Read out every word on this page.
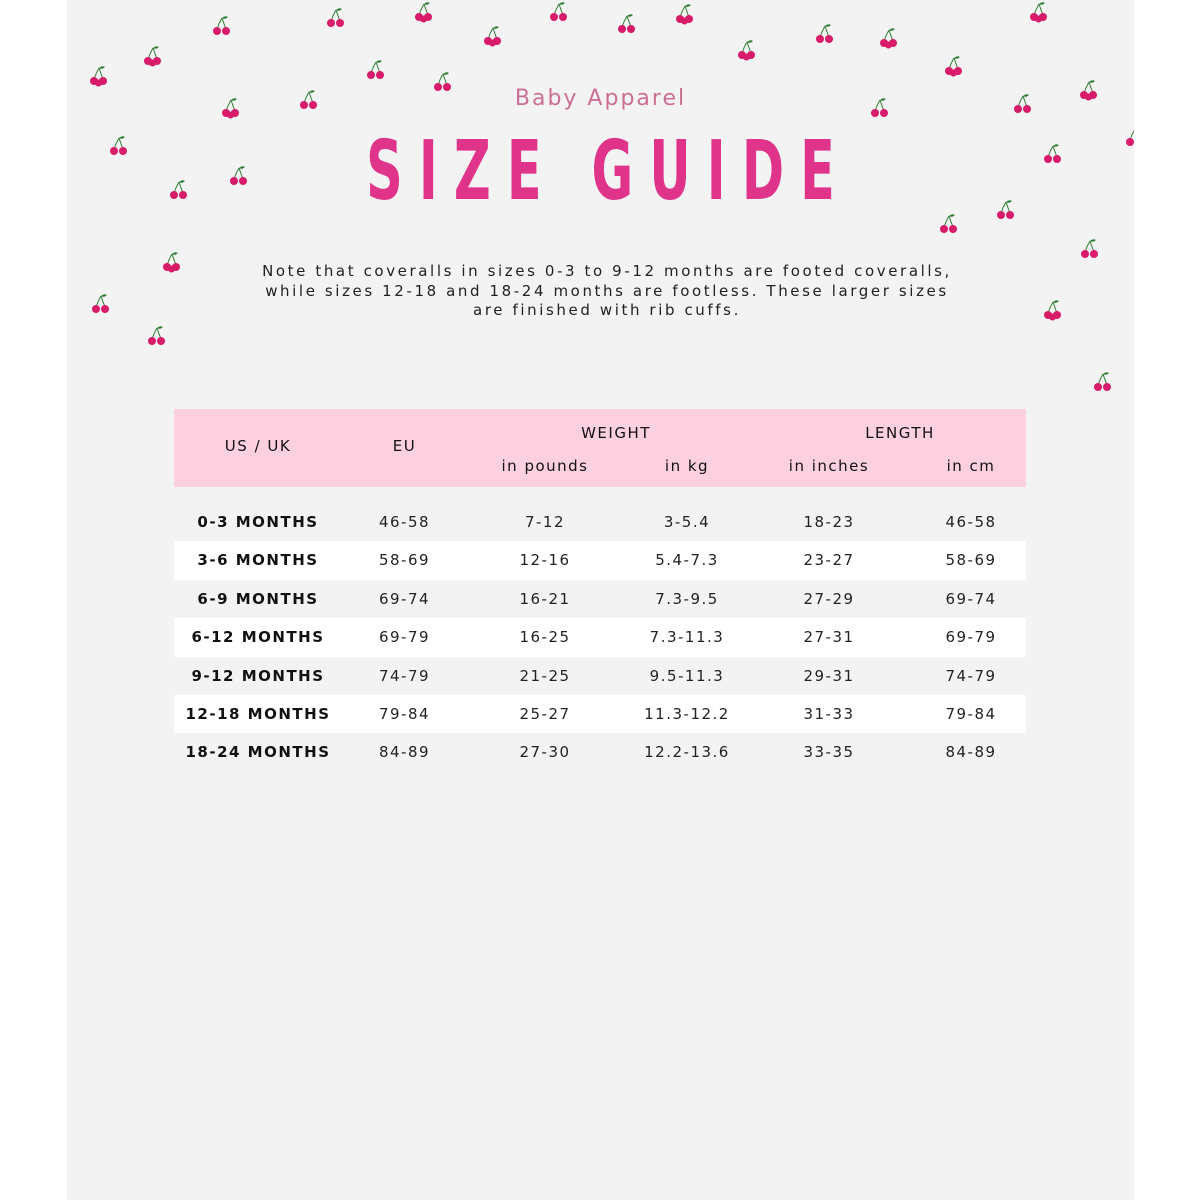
Baby Apparel
SIZE GUIDE
Note that coveralls in sizes 0-3 to 9-12 months are footed coveralls, while sizes 12-18 and 18-24 months are footless. These larger sizes are finished with rib cuffs.
US / UK	EU
WEIGHT	LENGTH
in pounds	in kg	in inches	in cm
0-3 MONTHS	46-58	7-12	3-5.4	18-23	46-58
3-6 MONTHS	58-69	12-16	5.4-7.3	23-27	58-69
6-9 MONTHS	69-74	16-21	7.3-9.5	27-29	69-74
6-12 MONTHS	69-79	16-25	7.3-11.3	27-31	69-79
9-12 MONTHS	74-79	21-25	9.5-11.3	29-31	74-79
12-18 MONTHS	79-84	25-27	11.3-12.2	31-33	79-84
18-24 MONTHS	84-89	27-30	12.2-13.6	33-35	84-89
